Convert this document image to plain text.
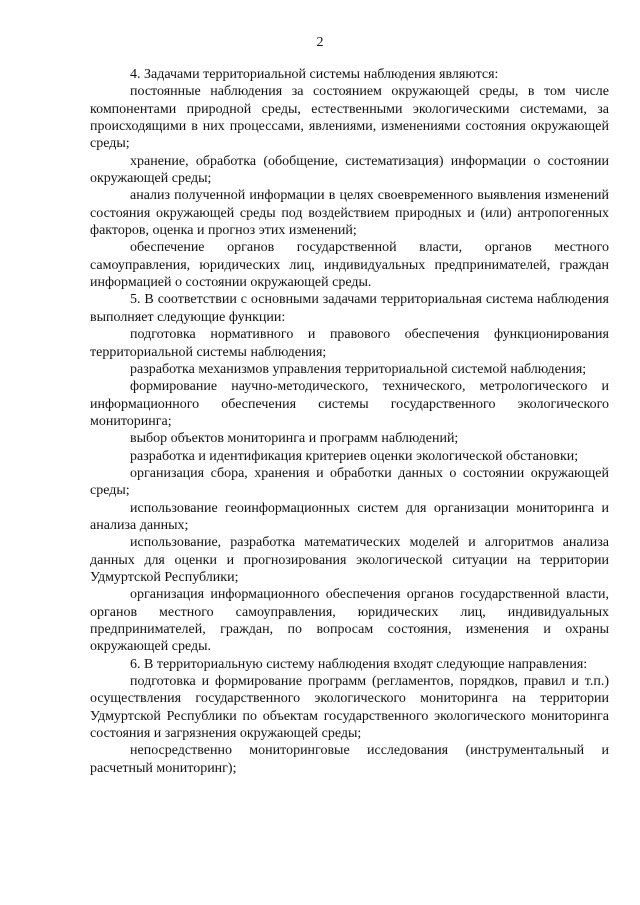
2

4. Задачами территориальной системы наблюдения являются:

постоянные наблюдения за состоянием окружающей среды, в том числе компонентами природной среды, естественными экологическими системами, за происходящими в них процессами, явлениями, изменениями состояния окружающей среды;

хранение, обработка (обобщение, систематизация) информации о состоянии окружающей среды;

анализ полученной информации в целях своевременного выявления изменений состояния окружающей среды под воздействием природных и (или) антропогенных факторов, оценка и прогноз этих изменений;

обеспечение органов государственной власти, органов местного самоуправления, юридических лиц, индивидуальных предпринимателей, граждан информацией о состоянии окружающей среды.

5. В соответствии с основными задачами территориальная система наблюдения выполняет следующие функции:

подготовка нормативного и правового обеспечения функционирования территориальной системы наблюдения;

разработка механизмов управления территориальной системой наблюдения;

формирование научно-методического, технического, метрологического и информационного обеспечения системы государственного экологического мониторинга;

выбор объектов мониторинга и программ наблюдений;

разработка и идентификация критериев оценки экологической обстановки;

организация сбора, хранения и обработки данных о состоянии окружающей среды;

использование геоинформационных систем для организации мониторинга и анализа данных;

использование, разработка математических моделей и алгоритмов анализа данных для оценки и прогнозирования экологической ситуации на территории Удмуртской Республики;

организация информационного обеспечения органов государственной власти, органов местного самоуправления, юридических лиц, индивидуальных предпринимателей, граждан, по вопросам состояния, изменения и охраны окружающей среды.

6. В территориальную систему наблюдения входят следующие направления:

подготовка и формирование программ (регламентов, порядков, правил и т.п.) осуществления государственного экологического мониторинга на территории Удмуртской Республики по объектам государственного экологического мониторинга состояния и загрязнения окружающей среды;

непосредственно мониторинговые исследования (инструментальный и расчетный мониторинг);
